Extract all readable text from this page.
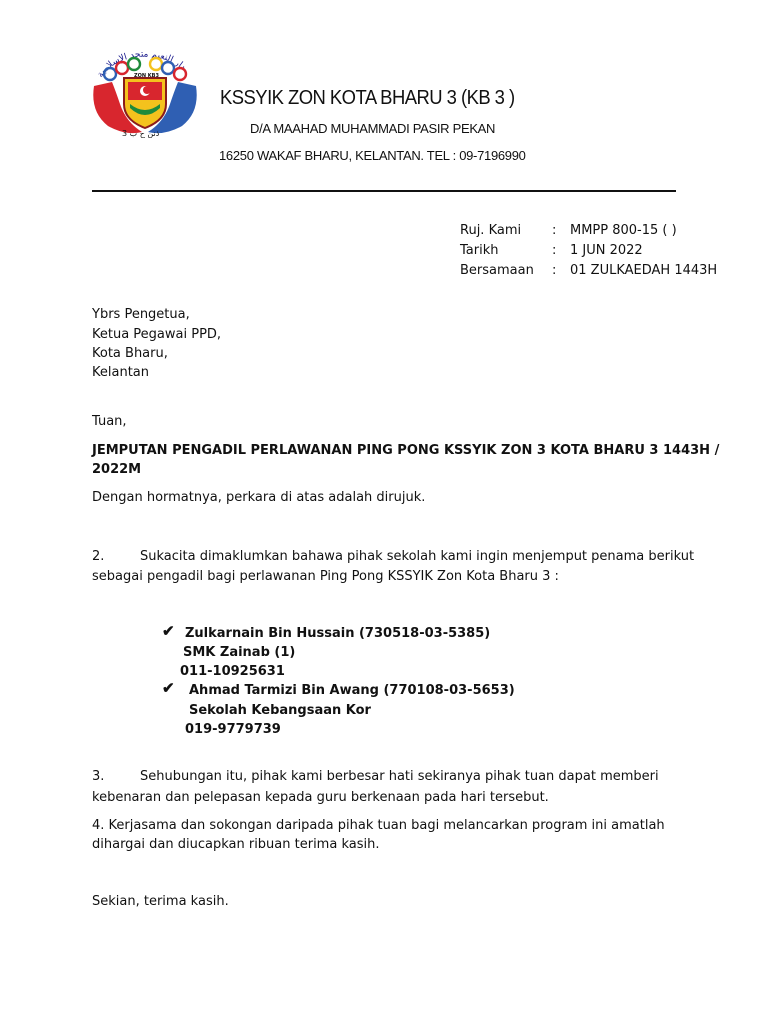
دار النعيم متحد الإسلامية
ZON KB3
3 ذنن ح ب
KSSYIK ZON KOTA BHARU 3 (KB 3 )
D/A MAAHAD MUHAMMADI PASIR PEKAN
16250 WAKAF BHARU, KELANTAN. TEL : 09-7196990
Ruj. Kami : MMPP 800-15 ( )
Tarikh	: 1 JUN 2022
Bersamaan : 01 ZULKAEDAH 1443H
Ybrs Pengetua,
Ketua Pegawai PPD,
Kota Bharu,
Kelantan
Tuan,
JEMPUTAN PENGADIL PERLAWANAN PING PONG KSSYIK ZON 3 KOTA BHARU 3 1443H /
2022M
Dengan hormatnya, perkara di atas adalah dirujuk.
2.	Sukacita dimaklumkan bahawa pihak sekolah kami ingin menjemput penama berikut
sebagai pengadil bagi perlawanan Ping Pong KSSYIK Zon Kota Bharu 3 :
✔ Zulkarnain Bin Hussain (730518-03-5385)
SMK Zainab (1)
011-10925631
✔ Ahmad Tarmizi Bin Awang (770108-03-5653)
Sekolah Kebangsaan Kor
019-9779739
3.	Sehubungan itu, pihak kami berbesar hati sekiranya pihak tuan dapat memberi
kebenaran dan pelepasan kepada guru berkenaan pada hari tersebut.
4. Kerjasama dan sokongan daripada pihak tuan bagi melancarkan program ini amatlah
dihargai dan diucapkan ribuan terima kasih.
Sekian, terima kasih.
